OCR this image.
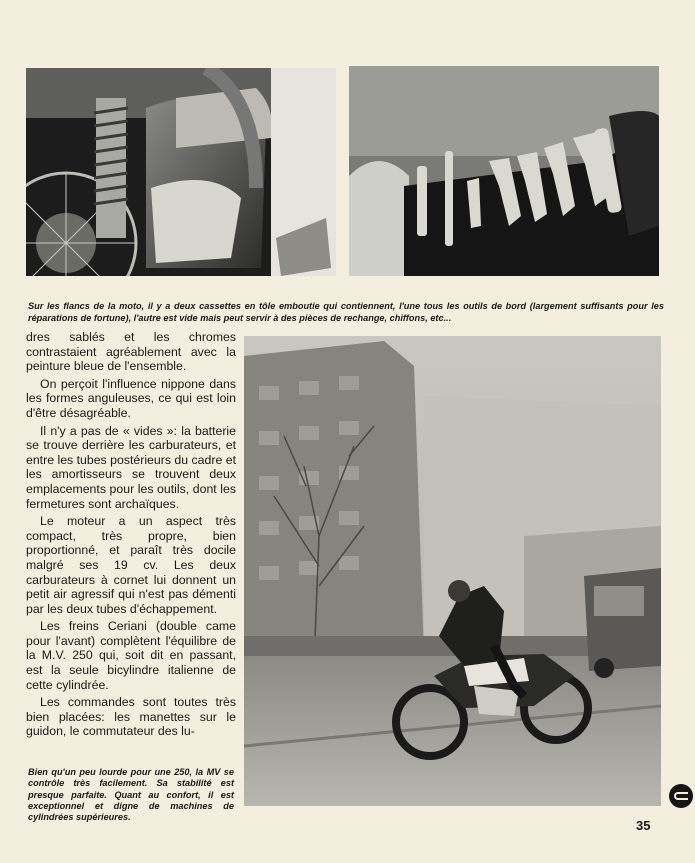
Sur les flancs de la moto, il y a deux cassettes en tôle emboutie qui contiennent, l'une tous les outils de bord (largement suffisants pour les réparations de fortune), l'autre est vide mais peut servir à des pièces de rechange, chiffons, etc...

dres sablés et les chromes contrastaient agréablement avec la peinture bleue de l'ensemble.

On perçoit l'influence nippone dans les formes anguleuses, ce qui est loin d'être désagréable.

Il n'y a pas de « vides »: la batterie se trouve derrière les carburateurs, et entre les tubes postérieurs du cadre et les amortisseurs se trouvent deux emplacements pour les outils, dont les fermetures sont archaïques.

Le moteur a un aspect très compact, très propre, bien proportionné, et paraît très docile malgré ses 19 cv. Les deux carburateurs à cornet lui donnent un petit air agressif qui n'est pas démenti par les deux tubes d'échappement.

Les freins Ceriani (double came pour l'avant) complètent l'équilibre de la M.V. 250 qui, soit dit en passant, est la seule bicylindre italienne de cette cylindrée.

Les commandes sont toutes très bien placées: les manettes sur le guidon, le commutateur des lu-

Bien qu'un peu lourde pour une 250, la MV se contrôle très facilement. Sa stabilité est presque parfaite. Quant au confort, il est exceptionnel et digne de machines de cylindrées supérieures.

35
